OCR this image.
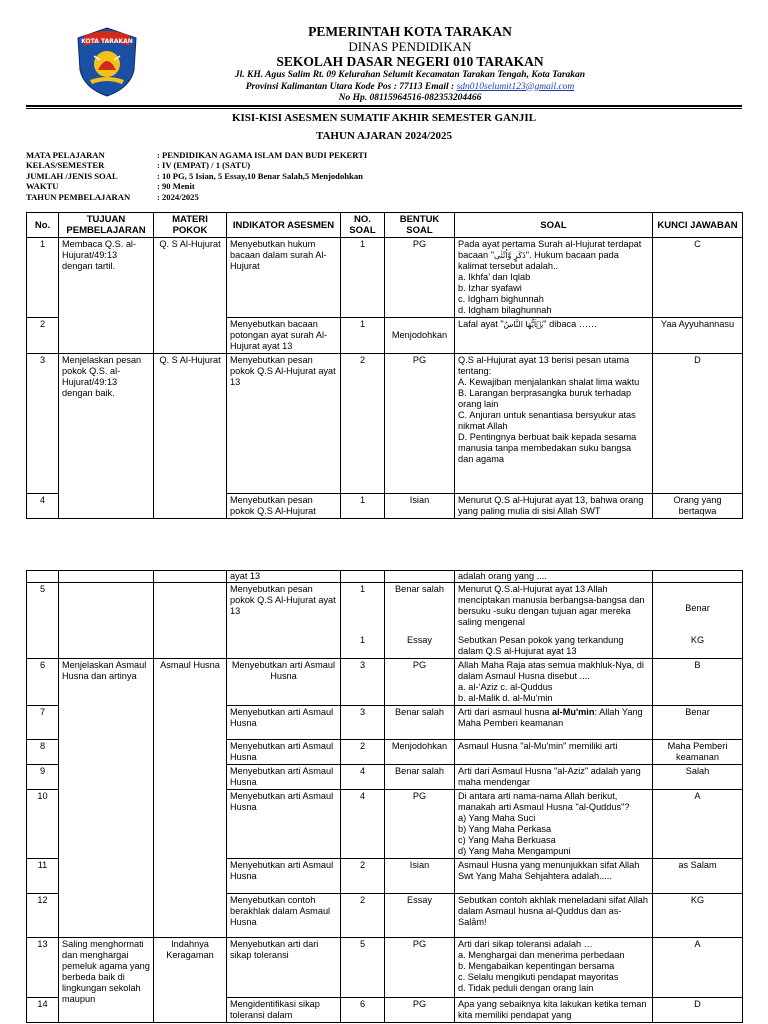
KOTA TARAKAN
PEMERINTAH KOTA TARAKAN
DINAS PENDIDIKAN
SEKOLAH DASAR NEGERI 010 TARAKAN
Jl. KH. Agus Salim Rt. 09 Kelurahan Selumit Kecamatan Tarakan Tengah, Kota Tarakan
Provinsi Kalimantan Utara Kode Pos : 77113 Email : sdn010selumit123@gmail.com
No Hp. 08115964516-082353204466
KISI-KISI ASESMEN SUMATIF AKHIR SEMESTER GANJIL
TAHUN AJARAN 2024/2025
MATA PELAJARAN	: PENDIDIKAN AGAMA ISLAM DAN BUDI PEKERTI
KELAS/SEMESTER	: IV (EMPAT) / 1 (SATU)
JUMLAH /JENIS SOAL	: 10 PG, 5 Isian, 5 Essay,10 Benar Salah,5 Menjodohkan
WAKTU	: 90 Menit
TAHUN PEMBELAJARAN	: 2024/2025
No.	TUJUAN PEMBELAJARAN	MATERI POKOK	INDIKATOR ASESMEN	NO. SOAL	BENTUK SOAL	SOAL	KUNCI JAWABAN
1	Membaca Q.S. al-Hujurat/49:13 dengan tartil.	Q. S Al-Hujurat	Menyebutkan hukum bacaan dalam surah Al-Hujurat	1	PG	Pada ayat pertama Surah al-Hujurat terdapat bacaan "ذَكَرٍ وَّاُنْثٰى". Hukum bacaan pada kalimat tersebut adalah..

a. Ikhfa’ dan Iqlab

b. Izhar syafawi

c. Idgham bighunnah

d. Idgham bilaghunnah	C
2			Menyebutkan bacaan potongan ayat surah Al-Hujurat ayat 13	1	Menjodohkan	Lafal ayat "يٰۤاَيُّهَا النَّاسُ" dibaca ……	Yaa Ayyuhannasu
3	Menjelaskan pesan pokok Q.S. al-Hujurat/49:13 dengan baik.	Q. S Al-Hujurat	Menyebutkan pesan pokok Q.S Al-Hujurat ayat 13	2	PG	Q.S al-Hujurat ayat 13 berisi pesan utama tentang:

A. Kewajiban menjalankan shalat lima waktu

B. Larangan berprasangka buruk terhadap orang lain

C. Anjuran untuk senantiasa bersyukur atas nikmat Allah

D. Pentingnya berbuat baik kepada sesama manusia tanpa membedakan suku bangsa dan agama	D
4			Menyebutkan pesan pokok Q.S Al-Hujurat	1	Isian	Menurut Q.S al-Hujurat ayat 13, bahwa orang yang paling mulia di sisi Allah SWT	Orang yang bertaqwa
			ayat 13			adalah orang yang ....	
5			Menyebutkan pesan pokok Q.S Al-Hujurat ayat 13	1	Benar salah	Menurut Q.S.al-Hujurat ayat 13 Allah menciptakan manusia berbangsa-bangsa dan bersuku -suku dengan tujuan agar mereka saling mengenal	Benar
				1	Essay	Sebutkan Pesan pokok yang terkandung dalam Q.S al-Hujurat ayat 13	KG
6	Menjelaskan Asmaul Husna dan artinya	Asmaul Husna	Menyebutkan arti Asmaul Husna	3	PG	Allah Maha Raja atas semua makhluk-Nya, di dalam Asmaul Husna disebut ....

a. al-‘Aziz c. al-Quddus

b. al-Malik d. al-Mu’min	B
7			Menyebutkan arti Asmaul Husna	3	Benar salah	Arti dari asmaul husna al-Mu'min: Allah Yang Maha Pemberi keamanan	Benar
8			Menyebutkan arti Asmaul Husna	2	Menjodohkan	Asmaul Husna "al-Mu'min" memiliki arti	Maha Pemberi keamanan
9			Menyebutkan arti Asmaul Husna	4	Benar salah	Arti dari Asmaul Husna "al-Aziz" adalah yang maha mendengar	Salah
10			Menyebutkan arti Asmaul Husna	4	PG	Di antara arti nama-nama Allah berikut, manakah arti Asmaul Husna "al-Quddus"?

a) Yang Maha Suci

b) Yang Maha Perkasa

c) Yang Maha Berkuasa

d) Yang Maha Mengampuni	A
11			Menyebutkan arti Asmaul Husna	2	Isian	Asmaul Husna yang menunjukkan sifat Allah Swt Yang Maha Sehjahtera adalah.....	as Salam
12			Menyebutkan contoh berakhlak dalam Asmaul Husna	2	Essay	Sebutkan contoh akhlak meneladani sifat Allah dalam Asmaul husna al-Quddus dan as-Salām!	KG
13	Saling menghormati dan menghargai pemeluk agama yang berbeda baik di lingkungan sekolah maupun	Indahnya Keragaman	Menyebutkan arti dari sikap toleransi	5	PG	Arti dari sikap toleransi adalah …

a. Menghargai dan menerima perbedaan

b. Mengabaikan kepentingan bersama

c. Selalu mengikuti pendapat mayoritas

d. Tidak peduli dengan orang lain	A
14			Mengidentifikasi sikap toleransi dalam	6	PG	Apa yang sebaiknya kita lakukan ketika teman kita memiliki pendapat yang	D
